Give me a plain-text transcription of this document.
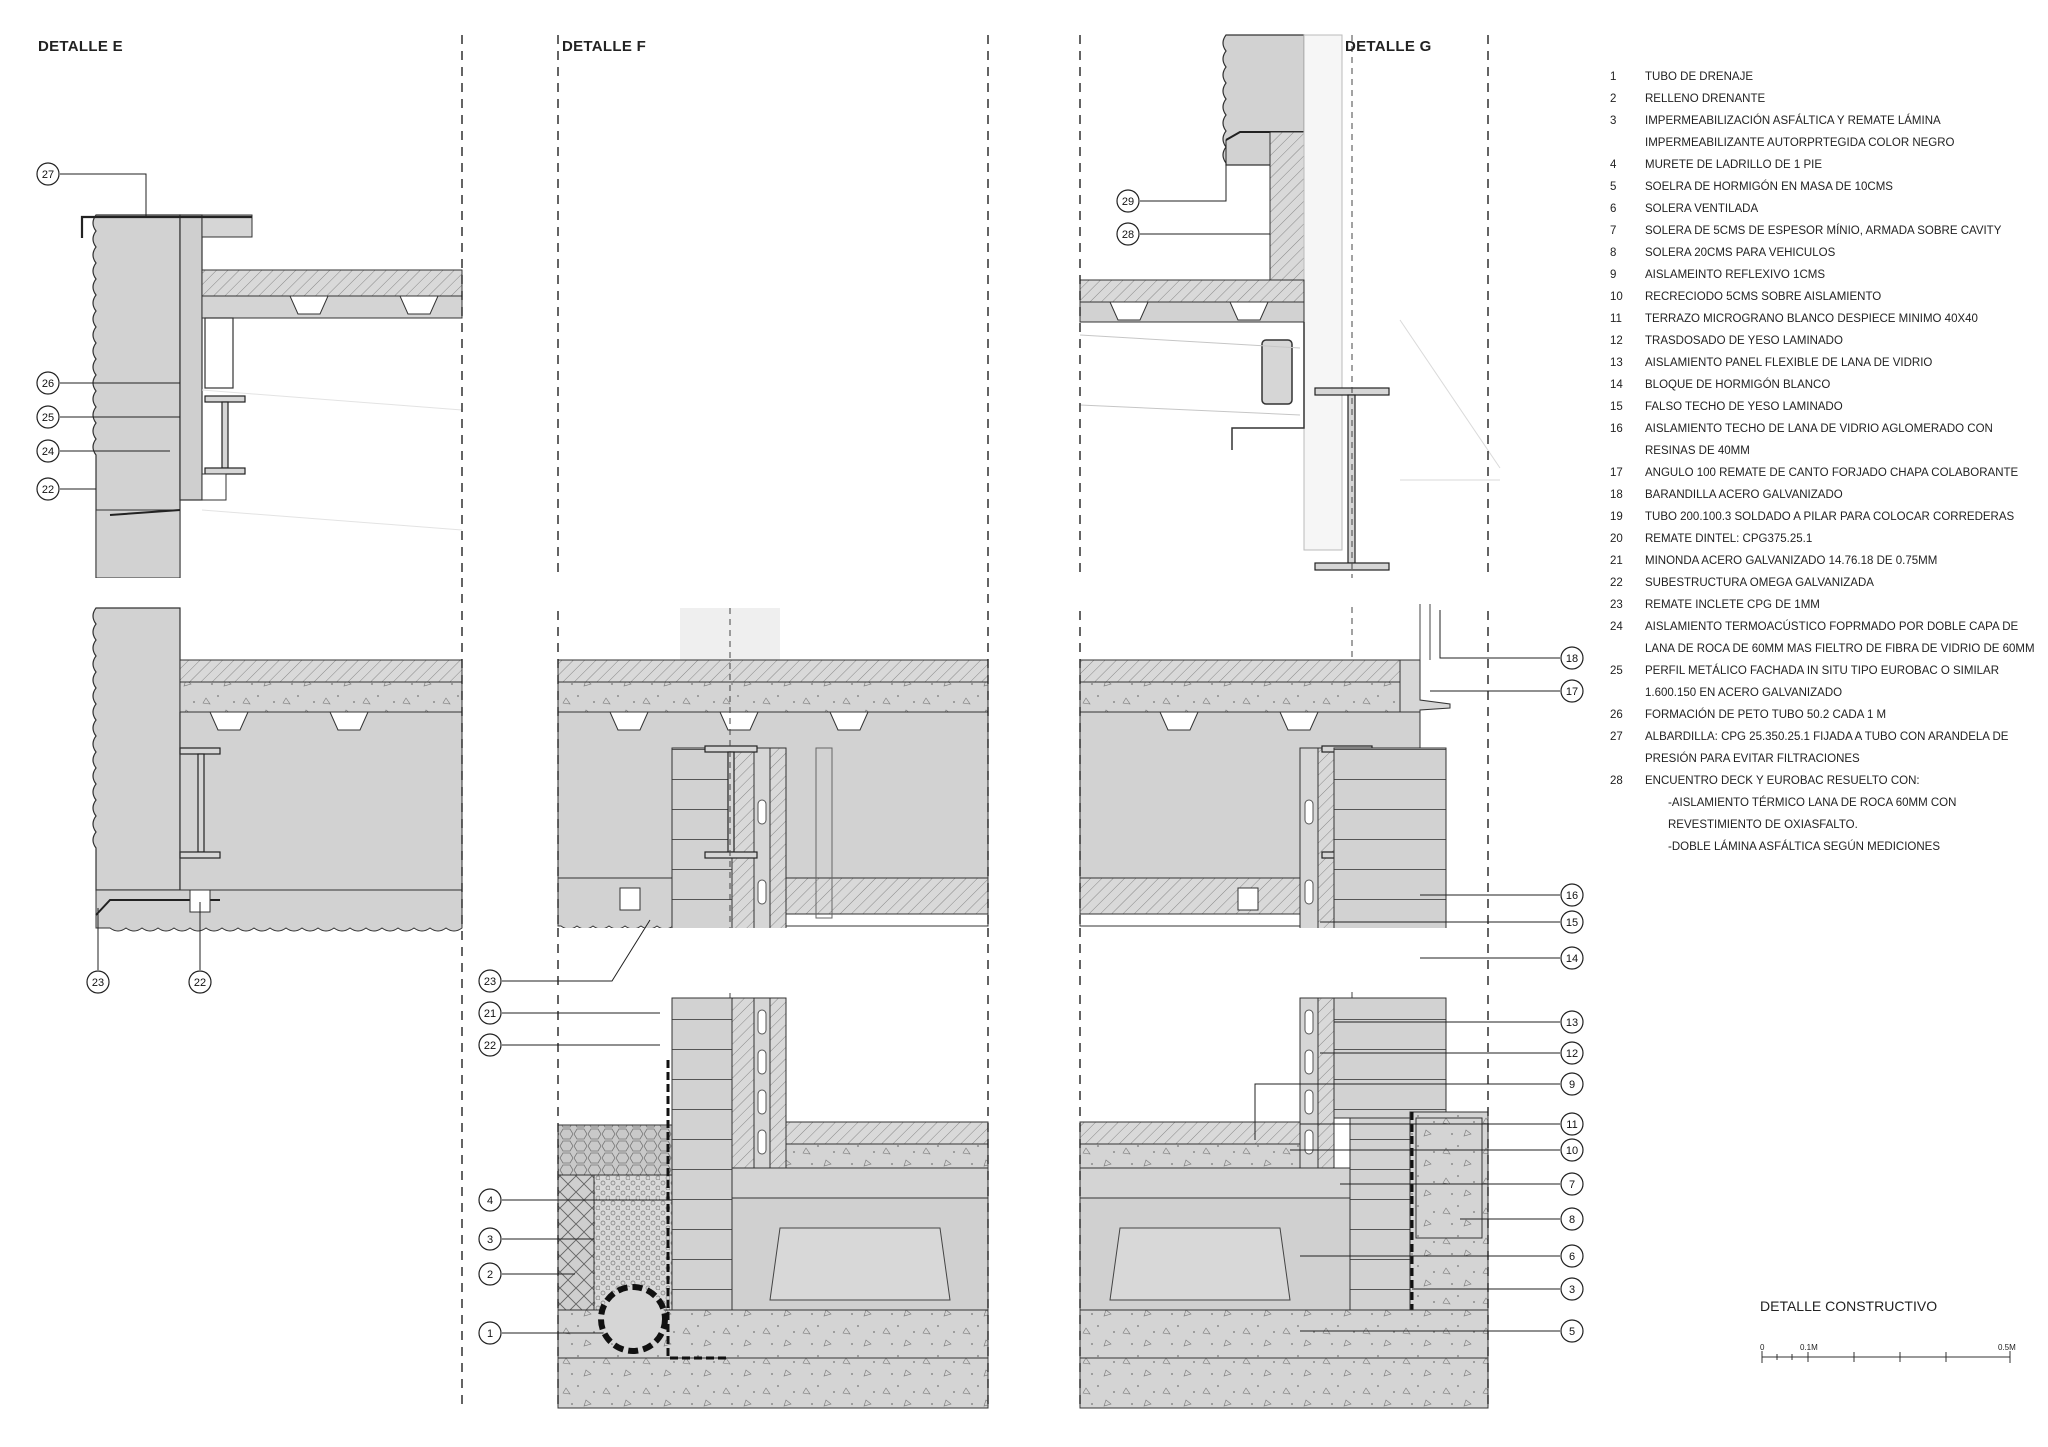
27
26
25
24
22
23	22	23
21
22
4
3
2
1
29
28
18
17
16
15
14
13
12
9
11
10
7
8
6
3
5
DETALLE E	DETALLE F	DETALLE G
1	TUBO DE DRENAJE
2	RELLENO DRENANTE
3	IMPERMEABILIZACIÓN ASFÁLTICA Y REMATE LÁMINA
IMPERMEABILIZANTE AUTORPRTEGIDA COLOR NEGRO
4	MURETE DE LADRILLO DE 1 PIE
5	SOELRA DE HORMIGÓN EN MASA DE 10CMS
6	SOLERA VENTILADA
7	SOLERA DE 5CMS DE ESPESOR MÍNIO, ARMADA SOBRE CAVITY
8	SOLERA 20CMS PARA VEHICULOS
9	AISLAMEINTO REFLEXIVO 1CMS
10	RECRECIODO 5CMS SOBRE AISLAMIENTO
11	TERRAZO MICROGRANO BLANCO DESPIECE MINIMO 40X40
12	TRASDOSADO DE YESO LAMINADO
13	AISLAMIENTO PANEL FLEXIBLE DE LANA DE VIDRIO
14	BLOQUE DE HORMIGÓN BLANCO
15	FALSO TECHO DE YESO LAMINADO
16	AISLAMIENTO TECHO DE LANA DE VIDRIO AGLOMERADO CON
RESINAS DE 40MM
17	ANGULO 100 REMATE DE CANTO FORJADO CHAPA COLABORANTE
18	BARANDILLA ACERO GALVANIZADO
19	TUBO 200.100.3 SOLDADO A PILAR PARA COLOCAR CORREDERAS
20	REMATE DINTEL: CPG375.25.1
21	MINONDA ACERO GALVANIZADO 14.76.18 DE 0.75MM
22	SUBESTRUCTURA OMEGA GALVANIZADA
23	REMATE INCLETE CPG DE 1MM
24	AISLAMIENTO TERMOACÚSTICO FOPRMADO POR DOBLE CAPA DE
LANA DE ROCA DE 60MM MAS FIELTRO DE FIBRA DE VIDRIO DE 60MM
25	PERFIL METÁLICO FACHADA IN SITU TIPO EUROBAC O SIMILAR
1.600.150 EN ACERO GALVANIZADO
26	FORMACIÓN DE PETO TUBO 50.2 CADA 1 M
27	ALBARDILLA: CPG 25.350.25.1 FIJADA A TUBO CON ARANDELA DE
PRESIÓN PARA EVITAR FILTRACIONES
28	ENCUENTRO DECK Y EUROBAC RESUELTO CON:
-AISLAMIENTO TÉRMICO LANA DE ROCA 60MM CON
REVESTIMIENTO DE OXIASFALTO.
-DOBLE LÁMINA ASFÁLTICA SEGÚN MEDICIONES
DETALLE CONSTRUCTIVO
0	0.1M	0.5M
